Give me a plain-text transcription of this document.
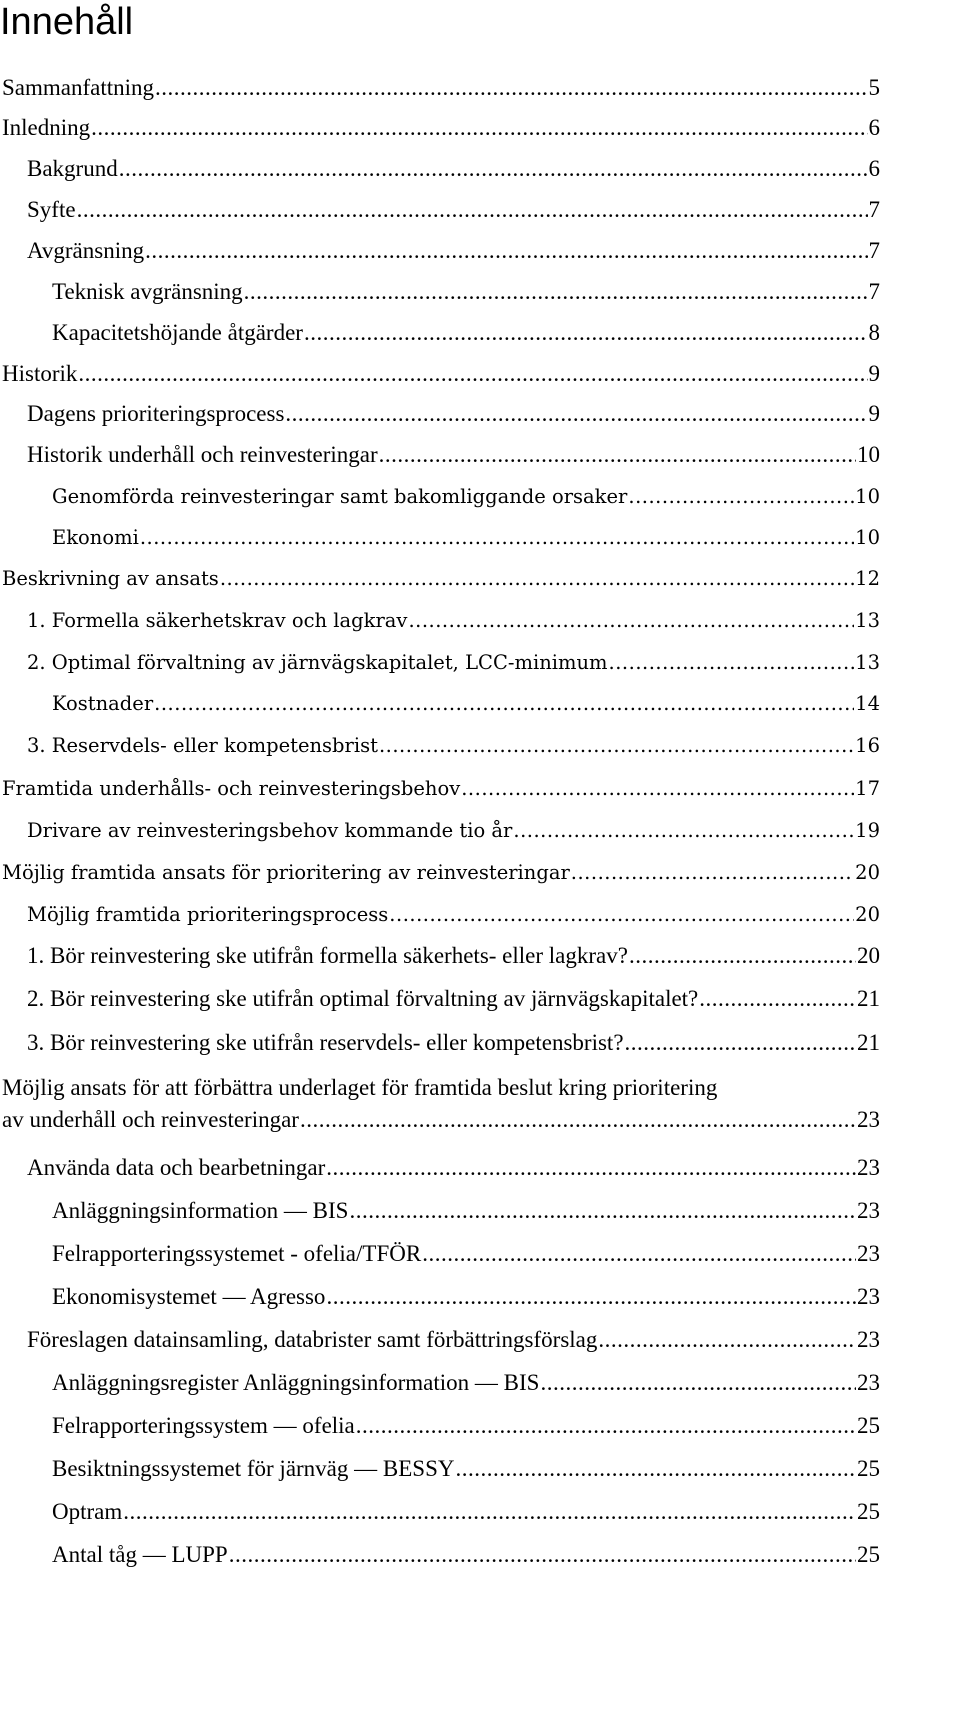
Innehåll
Sammanfattning .....	5
Inledning .....	6
Bakgrund .....	6
Syfte .....	7
Avgränsning .....	7
Teknisk avgränsning .....	7
Kapacitetshöjande åtgärder .....	8
Historik .....	9
Dagens prioriteringsprocess .....	9
Historik underhåll och reinvesteringar .....	10
Genomförda reinvesteringar samt bakomliggande orsaker .....	10
Ekonomi .....	10
Beskrivning av ansats .....	12
1. Formella säkerhetskrav och lagkrav .....	13
2. Optimal förvaltning av järnvägskapitalet, LCC-minimum .....	13
Kostnader .....	14
3. Reservdels- eller kompetensbrist .....	16
Framtida underhålls- och reinvesteringsbehov .....	17
Drivare av reinvesteringsbehov kommande tio år .....	19
Möjlig framtida ansats för prioritering av reinvesteringar .....	20
Möjlig framtida prioriteringsprocess .....	20
1. Bör reinvestering ske utifrån formella säkerhets- eller lagkrav? .....	20
2. Bör reinvestering ske utifrån optimal förvaltning av järnvägskapitalet? .....	21
3. Bör reinvestering ske utifrån reservdels- eller kompetensbrist? .....	21
Möjlig ansats för att förbättra underlaget för framtida beslut kring prioritering
av underhåll och reinvesteringar .....	23
Använda data och bearbetningar .....	23
Anläggningsinformation — BIS .....	23
Felrapporteringssystemet - ofelia/TFÖR .....	23
Ekonomisystemet — Agresso .....	23
Föreslagen datainsamling, databrister samt förbättringsförslag .....	23
Anläggningsregister Anläggningsinformation — BIS .....	23
Felrapporteringssystem — ofelia .....	25
Besiktningssystemet för järnväg — BESSY .....	25
Optram .....	25
Antal tåg — LUPP .....	25
